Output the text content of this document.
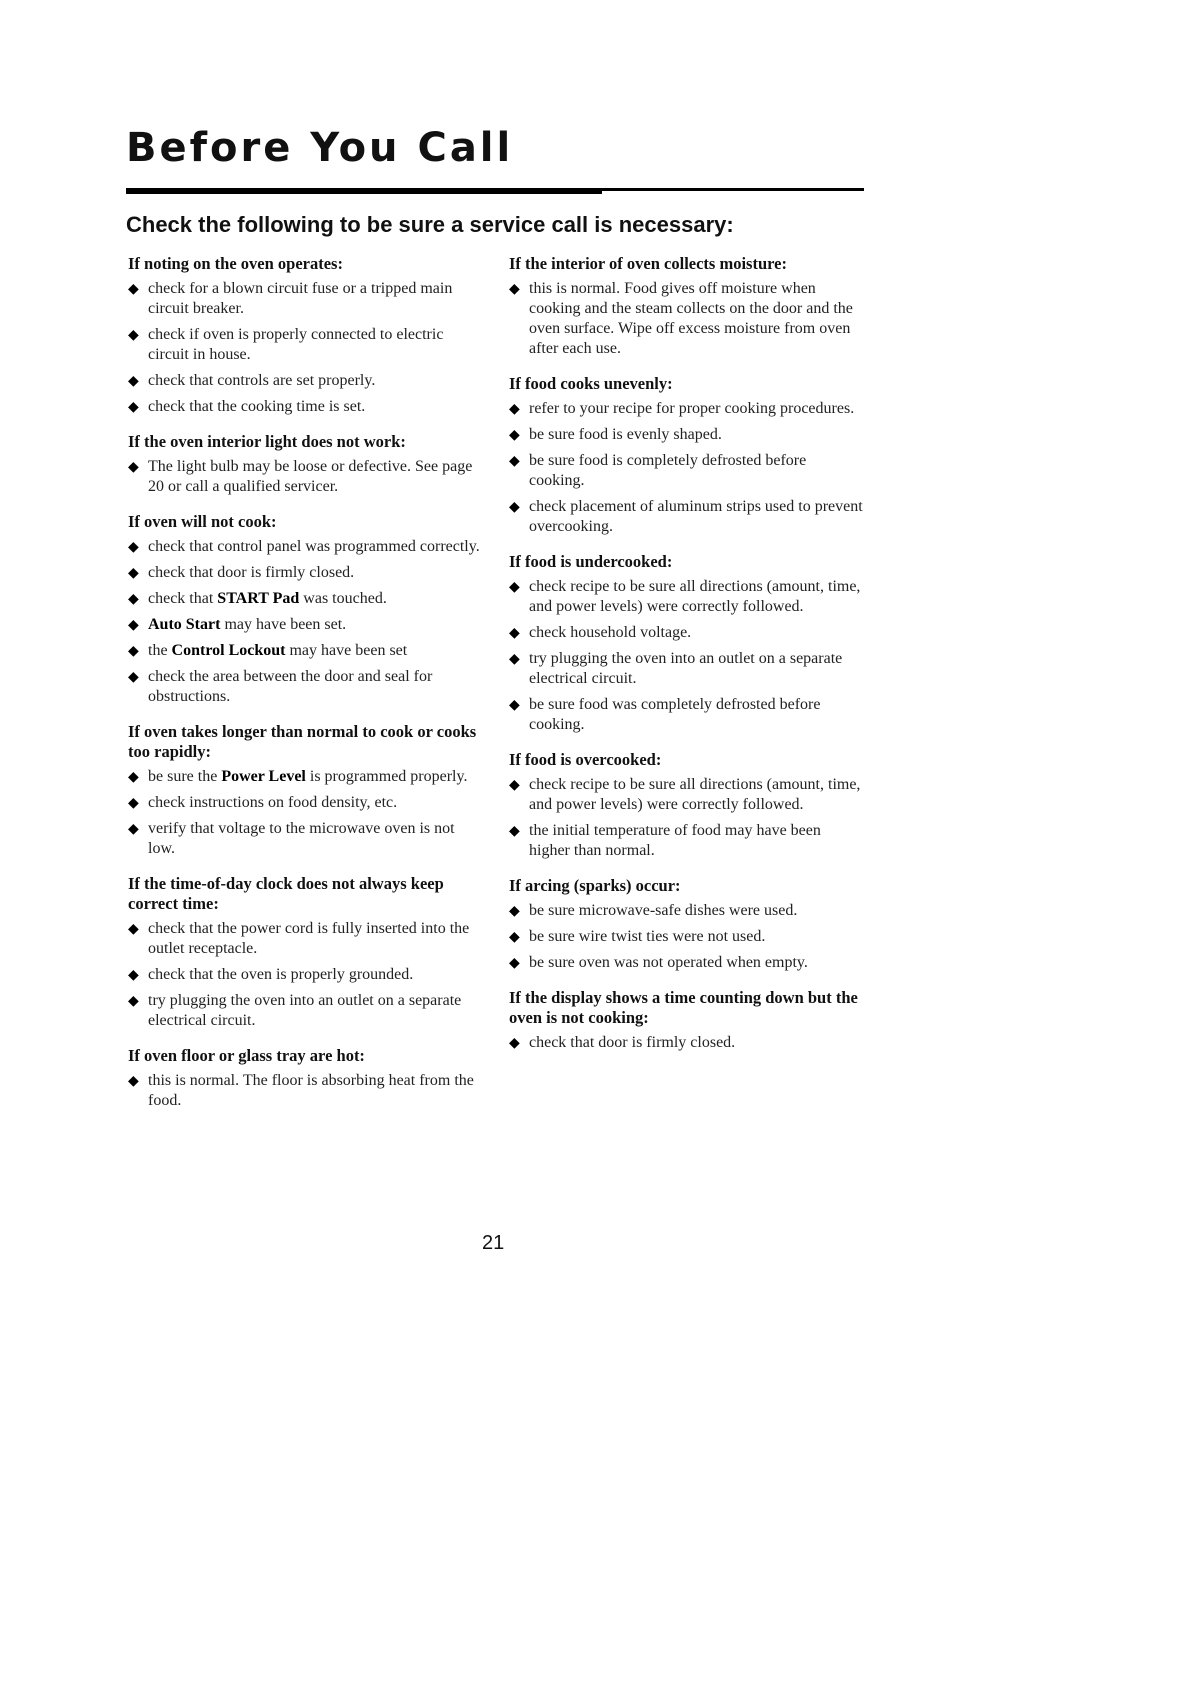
Before You Call
Check the following to be sure a service call is necessary:
If noting on the oven operates:
◆ check for a blown circuit fuse or a tripped main circuit breaker.
◆ check if oven is properly connected to electric circuit in house.
◆ check that controls are set properly.
◆ check that the cooking time is set.
If the oven interior light does not work:
◆ The light bulb may be loose or defective. See page 20 or call a qualified servicer.
If oven will not cook:
◆ check that control panel was programmed correctly.
◆ check that door is firmly closed.
◆ check that START Pad was touched.
◆ Auto Start may have been set.
◆ the Control Lockout may have been set
◆ check the area between the door and seal for obstructions.
If oven takes longer than normal to cook or cooks too rapidly:
◆ be sure the Power Level is programmed properly.
◆ check instructions on food density, etc.
◆ verify that voltage to the microwave oven is not low.
If the time-of-day clock does not always keep correct time:
◆ check that the power cord is fully inserted into the outlet receptacle.
◆ check that the oven is properly grounded.
◆ try plugging the oven into an outlet on a separate electrical circuit.
If oven floor or glass tray are hot:
◆ this is normal. The floor is absorbing heat from the food.
If the interior of oven collects moisture:
◆ this is normal. Food gives off moisture when cooking and the steam collects on the door and the oven surface. Wipe off excess moisture from oven after each use.
If food cooks unevenly:
◆ refer to your recipe for proper cooking procedures.
◆ be sure food is evenly shaped.
◆ be sure food is completely defrosted before cooking.
◆ check placement of aluminum strips used to prevent overcooking.
If food is undercooked:
◆ check recipe to be sure all directions (amount, time, and power levels) were correctly followed.
◆ check household voltage.
◆ try plugging the oven into an outlet on a separate electrical circuit.
◆ be sure food was completely defrosted before cooking.
If food is overcooked:
◆ check recipe to be sure all directions (amount, time, and power levels) were correctly followed.
◆ the initial temperature of food may have been higher than normal.
If arcing (sparks) occur:
◆ be sure microwave-safe dishes were used.
◆ be sure wire twist ties were not used.
◆ be sure oven was not operated when empty.
If the display shows a time counting down but the oven is not cooking:
◆ check that door is firmly closed.
21
